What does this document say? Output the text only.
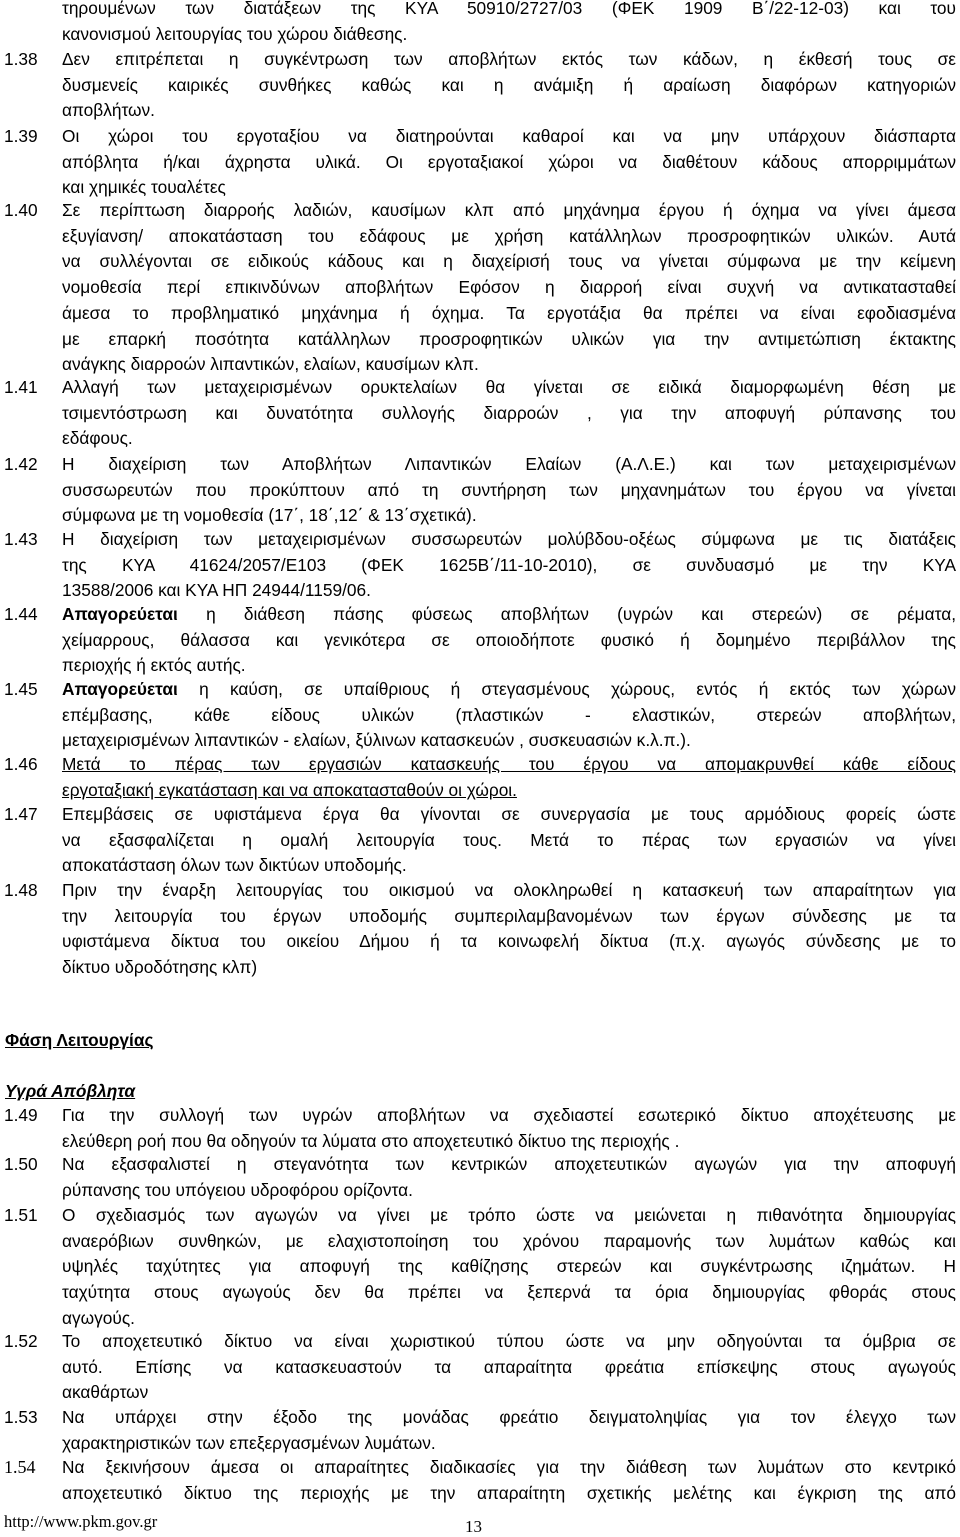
τηρουμένων των διατάξεων της ΚΥΑ 50910/2727/03 (ΦΕΚ 1909 Β΄/22-12-03) και του
κανονισμού λειτουργίας του χώρου διάθεσης.
1.38 Δεν επιτρέπεται η συγκέντρωση των αποβλήτων εκτός των κάδων, η έκθεσή τους σε
δυσμενείς καιρικές συνθήκες καθώς και η ανάμιξη ή αραίωση διαφόρων κατηγοριών
αποβλήτων.
1.39 Οι χώροι του εργοταξίου να διατηρούνται καθαροί και να μην υπάρχουν διάσπαρτα
απόβλητα ή/και άχρηστα υλικά. Οι εργοταξιακοί χώροι να διαθέτουν κάδους απορριμμάτων
και χημικές τουαλέτες
1.40 Σε περίπτωση διαρροής λαδιών, καυσίμων κλπ από μηχάνημα έργου ή όχημα να γίνει άμεσα
εξυγίανση/ αποκατάσταση του εδάφους με χρήση κατάλληλων προσροφητικών υλικών. Αυτά
να συλλέγονται σε ειδικούς κάδους και η διαχείρισή τους να γίνεται σύμφωνα με την κείμενη
νομοθεσία περί επικινδύνων αποβλήτων Εφόσον η διαρροή είναι συχνή να αντικατασταθεί
άμεσα το προβληματικό μηχάνημα ή όχημα. Τα εργοτάξια θα πρέπει να είναι εφοδιασμένα
με επαρκή ποσότητα κατάλληλων προσροφητικών υλικών για την αντιμετώπιση έκτακτης
ανάγκης διαρροών λιπαντικών, ελαίων, καυσίμων κλπ.
1.41 Αλλαγή των μεταχειρισμένων ορυκτελαίων θα γίνεται σε ειδικά διαμορφωμένη θέση με
τσιμεντόστρωση και δυνατότητα συλλογής διαρροών , για την αποφυγή ρύπανσης του
εδάφους.
1.42 Η διαχείριση των Αποβλήτων Λιπαντικών Ελαίων (Α.Λ.Ε.) και των μεταχειρισμένων
συσσωρευτών που προκύπτουν από τη συντήρηση των μηχανημάτων του έργου να γίνεται
σύμφωνα με τη νομοθεσία (17΄, 18΄,12΄ & 13΄σχετικά).
1.43 Η διαχείριση των μεταχειρισμένων συσσωρευτών μολύβδου-οξέως σύμφωνα με τις διατάξεις
της ΚΥΑ 41624/2057/Ε103 (ΦΕΚ 1625Β΄/11-10-2010), σε συνδυασμό με την ΚΥΑ
13588/2006 και ΚΥΑ ΗΠ 24944/1159/06.
1.44 Απαγορεύεται η διάθεση πάσης φύσεως αποβλήτων (υγρών και στερεών) σε ρέματα,
χείμαρρους, θάλασσα και γενικότερα σε οποιοδήποτε φυσικό ή δομημένο περιβάλλον της
περιοχής ή εκτός αυτής.
1.45 Απαγορεύεται η καύση, σε υπαίθριους ή στεγασμένους χώρους, εντός ή εκτός των χώρων
επέμβασης, κάθε είδους υλικών (πλαστικών - ελαστικών, στερεών αποβλήτων,
μεταχειρισμένων λιπαντικών - ελαίων, ξύλινων κατασκευών , συσκευασιών κ.λ.π.).
1.46 Μετά το πέρας των εργασιών κατασκευής του έργου να απομακρυνθεί κάθε είδους
εργοταξιακή εγκατάσταση και να αποκατασταθούν οι χώροι.
1.47 Επεμβάσεις σε υφιστάμενα έργα θα γίνονται σε συνεργασία με τους αρμόδιους φορείς ώστε
να εξασφαλίζεται η ομαλή λειτουργία τους. Μετά το πέρας των εργασιών να γίνει
αποκατάσταση όλων των δικτύων υποδομής.
1.48 Πριν την έναρξη λειτουργίας του οικισμού να ολοκληρωθεί η κατασκευή των απαραίτητων για
την λειτουργία του έργων υποδομής συμπεριλαμβανομένων των έργων σύνδεσης με τα
υφιστάμενα δίκτυα του οικείου Δήμου ή τα κοινωφελή δίκτυα (π.χ. αγωγός σύνδεσης με το
δίκτυο υδροδότησης κλπ)
1.49 Για την συλλογή των υγρών αποβλήτων να σχεδιαστεί εσωτερικό δίκτυο αποχέτευσης με
ελεύθερη ροή που θα οδηγούν τα λύματα στο αποχετευτικό δίκτυο της περιοχής .
1.50 Να εξασφαλιστεί η στεγανότητα των κεντρικών αποχετευτικών αγωγών για την αποφυγή
ρύπανσης του υπόγειου υδροφόρου ορίζοντα.
1.51 Ο σχεδιασμός των αγωγών να γίνει με τρόπο ώστε να μειώνεται η πιθανότητα δημιουργίας
αναερόβιων συνθηκών, με ελαχιστοποίηση του χρόνου παραμονής των λυμάτων καθώς και
υψηλές ταχύτητες για αποφυγή της καθίζησης στερεών και συγκέντρωσης ιζημάτων. Η
ταχύτητα στους αγωγούς δεν θα πρέπει να ξεπερνά τα όρια δημιουργίας φθοράς στους
αγωγούς.
1.52 Το αποχετευτικό δίκτυο να είναι χωριστικού τύπου ώστε να μην οδηγούνται τα όμβρια σε
αυτό. Επίσης να κατασκευαστούν τα απαραίτητα φρεάτια επίσκεψης στους αγωγούς
ακαθάρτων
1.53 Να υπάρχει στην έξοδο της μονάδας φρεάτιο δειγματοληψίας για τον έλεγχο των
χαρακτηριστικών των επεξεργασμένων λυμάτων.
1.54 Να ξεκινήσουν άμεσα οι απαραίτητες διαδικασίες για την διάθεση των λυμάτων στο κεντρικό
αποχετευτικό δίκτυο της περιοχής με την απαραίτητη σχετικής μελέτης και έγκριση της από
Φάση Λειτουργίας
Υγρά Απόβλητα
http://www.pkm.gov.gr	13
